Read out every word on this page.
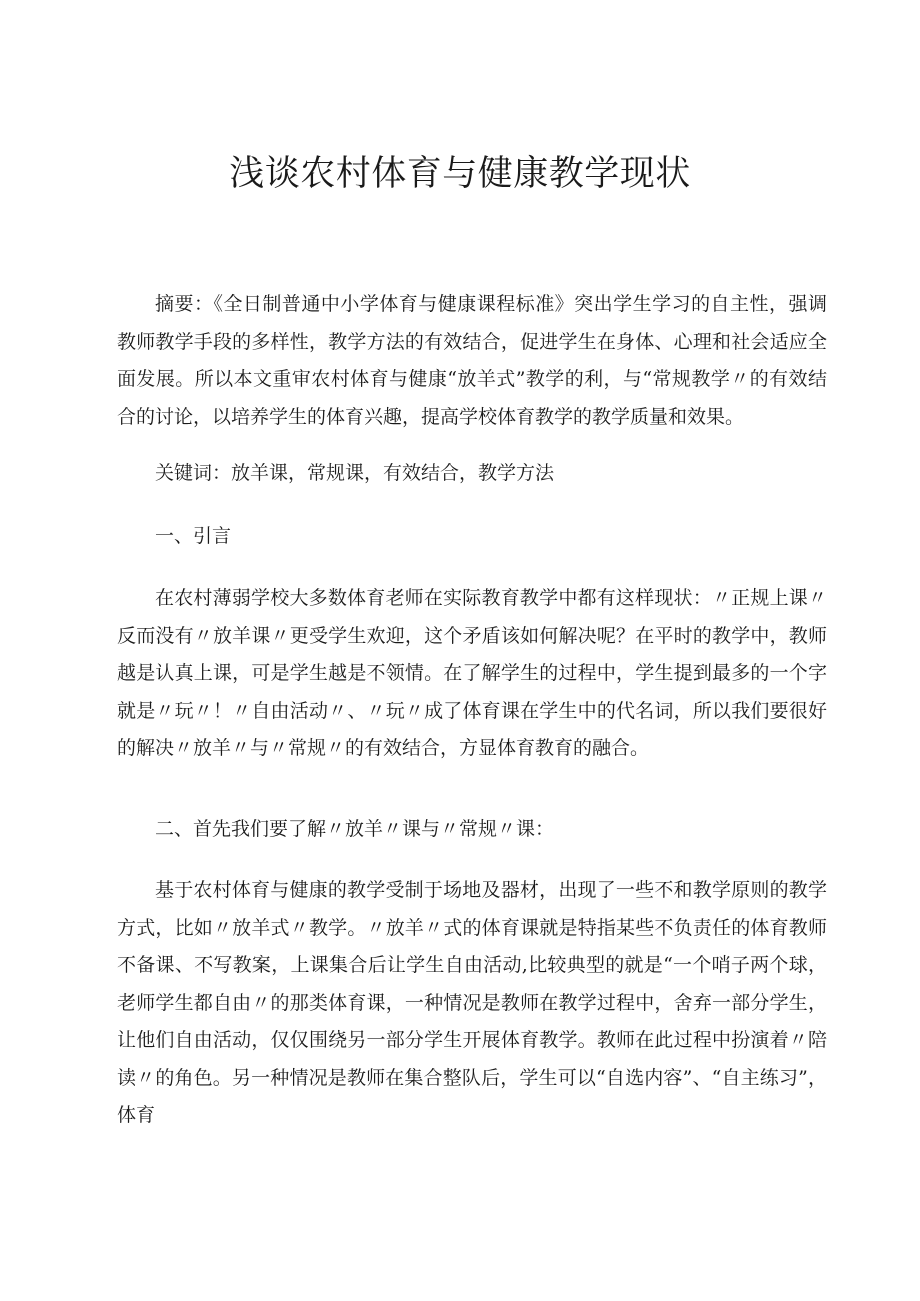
浅谈农村体育与健康教学现状

摘要：《全日制普通中小学体育与健康课程标准》突出学生学习的自主性，强调教师教学手段的多样性，教学方法的有效结合，促进学生在身体、心理和社会适应全面发展。所以本文重审农村体育与健康“放羊式”教学的利，与“常规教学〃的有效结合的讨论，以培养学生的体育兴趣，提高学校体育教学的教学质量和效果。

关键词：放羊课，常规课，有效结合，教学方法

一、引言

在农村薄弱学校大多数体育老师在实际教育教学中都有这样现状：〃正规上课〃反而没有〃放羊课〃更受学生欢迎，这个矛盾该如何解决呢？在平时的教学中，教师越是认真上课，可是学生越是不领情。在了解学生的过程中，学生提到最多的一个字就是〃玩〃！〃自由活动〃、〃玩〃成了体育课在学生中的代名词，所以我们要很好的解决〃放羊〃与〃常规〃的有效结合，方显体育教育的融合。

二、首先我们要了解〃放羊〃课与〃常规〃课：

基于农村体育与健康的教学受制于场地及器材，出现了一些不和教学原则的教学方式，比如〃放羊式〃教学。〃放羊〃式的体育课就是特指某些不负责任的体育教师不备课、不写教案，上课集合后让学生自由活动,比较典型的就是“一个哨子两个球，老师学生都自由〃的那类体育课，一种情况是教师在教学过程中，舍弃一部分学生，让他们自由活动，仅仅围绕另一部分学生开展体育教学。教师在此过程中扮演着〃陪读〃的角色。另一种情况是教师在集合整队后，学生可以“自选内容”、“自主练习”，体育
